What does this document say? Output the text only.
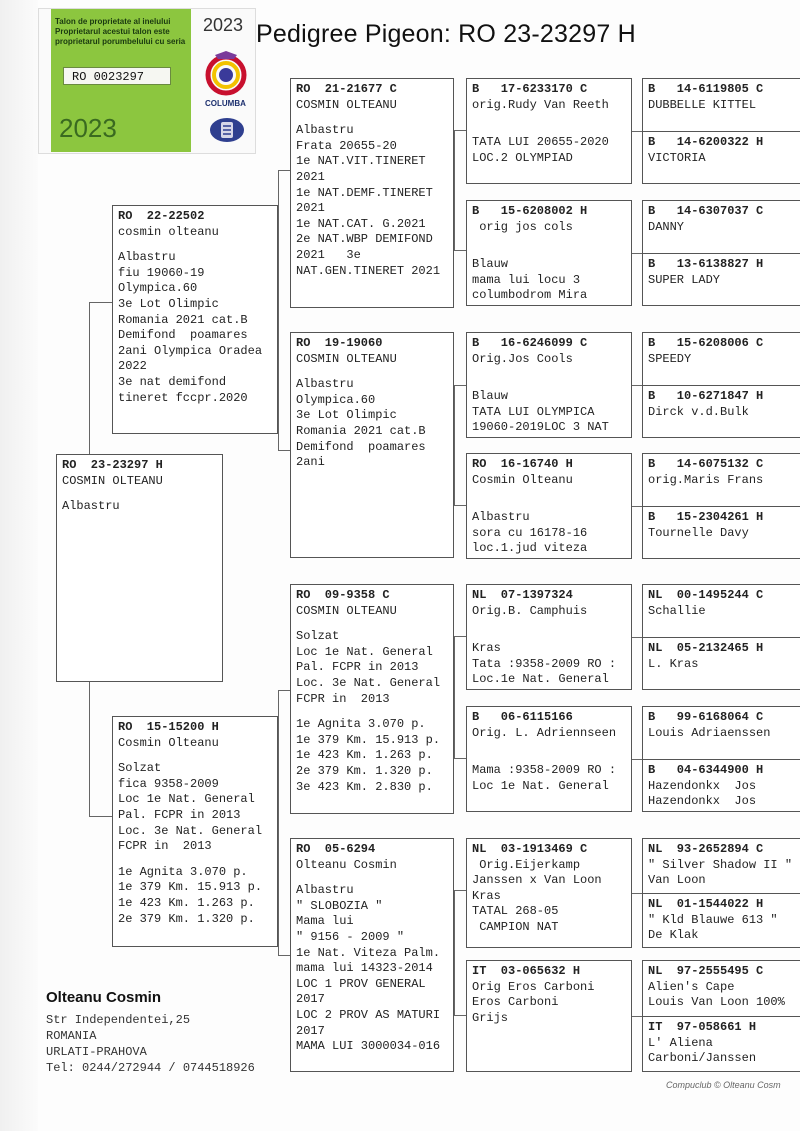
Pedigree Pigeon: RO 23-23297 H
Talon de proprietate al inelului
Proprietarul acestui talon este
proprietarul porumbelului cu seria
RO 0023297
2023
2023
COLUMBA
RO  23-23297 H
COSMIN OLTEANU
Albastru
RO  22-22502
cosmin olteanu
Albastru
fiu 19060-19
Olympica.60
3e Lot Olimpic
Romania 2021 cat.B
Demifond  poamares
2ani Olympica Oradea
2022
3e nat demifond
tineret fccpr.2020
RO  15-15200 H
Cosmin Olteanu
Solzat
fica 9358-2009
Loc 1e Nat. General
Pal. FCPR in 2013
Loc. 3e Nat. General
FCPR in  2013
1e Agnita 3.070 p.
1e 379 Km. 15.913 p.
1e 423 Km. 1.263 p.
2e 379 Km. 1.320 p.
RO  21-21677 C
COSMIN OLTEANU
Albastru
Frata 20655-20
1e NAT.VIT.TINERET
2021
1e NAT.DEMF.TINERET
2021
1e NAT.CAT. G.2021
2e NAT.WBP DEMIFOND
2021   3e
NAT.GEN.TINERET 2021
RO  19-19060
COSMIN OLTEANU
Albastru
Olympica.60
3e Lot Olimpic
Romania 2021 cat.B
Demifond  poamares
2ani
RO  09-9358 C
COSMIN OLTEANU
Solzat
Loc 1e Nat. General
Pal. FCPR in 2013
Loc. 3e Nat. General
FCPR in  2013
1e Agnita 3.070 p.
1e 379 Km. 15.913 p.
1e 423 Km. 1.263 p.
2e 379 Km. 1.320 p.
3e 423 Km. 2.830 p.
RO  05-6294
Olteanu Cosmin
Albastru
" SLOBOZIA "
Mama lui
" 9156 - 2009 "
1e Nat. Viteza Palm.
mama lui 14323-2014
LOC 1 PROV GENERAL
2017
LOC 2 PROV AS MATURI
2017
MAMA LUI 3000034-016
B   17-6233170 C
orig.Rudy Van Reeth
TATA LUI 20655-2020
LOC.2 OLYMPIAD
B   15-6208002 H
orig jos cols
Blauw
mama lui locu 3
columbodrom Mira
B   16-6246099 C
Orig.Jos Cools
Blauw
TATA LUI OLYMPICA
19060-2019LOC 3 NAT
RO  16-16740 H
Cosmin Olteanu
Albastru
sora cu 16178-16
loc.1.jud viteza
NL  07-1397324
Orig.B. Camphuis
Kras
Tata :9358-2009 RO :
Loc.1e Nat. General
B   06-6115166
Orig. L. Adriennseen
Mama :9358-2009 RO :
Loc 1e Nat. General
NL  03-1913469 C
Orig.Eijerkamp
Janssen x Van Loon
Kras
TATAL 268-05
CAMPION NAT
IT  03-065632 H
Orig Eros Carboni
Eros Carboni
Grijs
B   14-6119805 C
DUBBELLE KITTEL
B   14-6200322 H
VICTORIA
B   14-6307037 C
DANNY
B   13-6138827 H
SUPER LADY
B   15-6208006 C
SPEEDY
B   10-6271847 H
Dirck v.d.Bulk
B   14-6075132 C
orig.Maris Frans
B   15-2304261 H
Tournelle Davy
NL  00-1495244 C
Schallie
NL  05-2132465 H
L. Kras
B   99-6168064 C
Louis Adriaenssen
B   04-6344900 H
Hazendonkx  Jos
Hazendonkx  Jos
NL  93-2652894 C
" Silver Shadow II "
Van Loon
NL  01-1544022 H
" Kld Blauwe 613 "
De Klak
NL  97-2555495 C
Alien's Cape
Louis Van Loon 100%
IT  97-058661 H
L' Aliena
Carboni/Janssen
Olteanu Cosmin
Str Independentei,25
ROMANIA
URLATI-PRAHOVA
Tel: 0244/272944 / 0744518926
Compuclub © Olteanu Cosm
